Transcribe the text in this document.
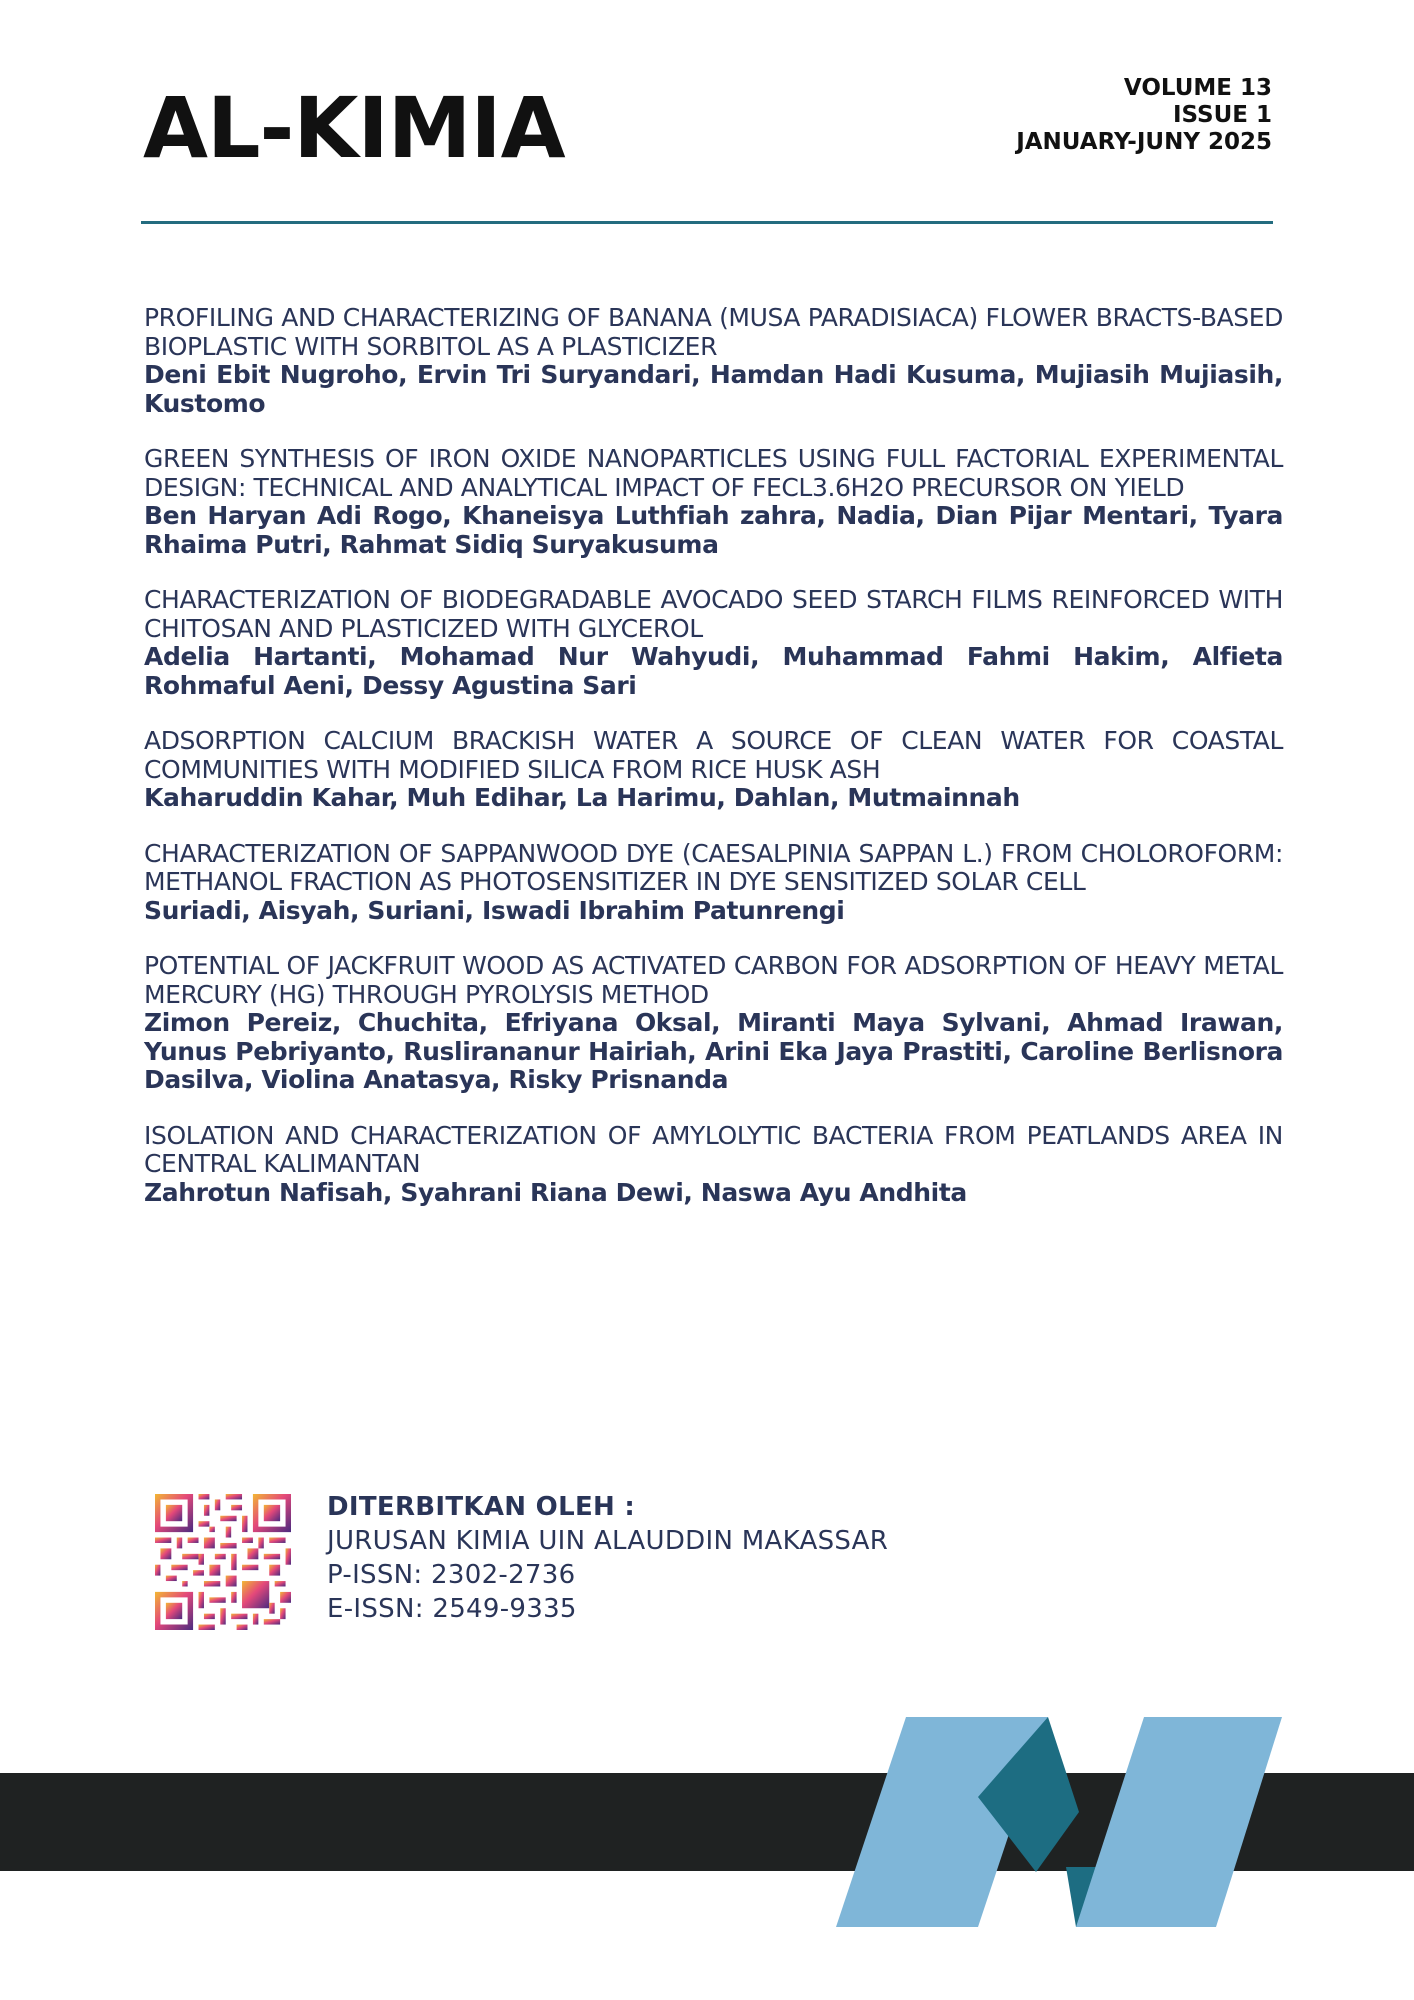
AL-KIMIA	VOLUME 13
ISSUE 1
JANUARY-JUNY 2025
PROFILING AND CHARACTERIZING OF BANANA (MUSA PARADISIACA) FLOWER BRACTS-BASED BIOPLASTIC WITH SORBITOL AS A PLASTICIZER
Deni Ebit Nugroho, Ervin Tri Suryandari, Hamdan Hadi Kusuma, Mujiasih Mujiasih, Kustomo
GREEN SYNTHESIS OF IRON OXIDE NANOPARTICLES USING FULL FACTORIAL EXPERIMENTAL DESIGN: TECHNICAL AND ANALYTICAL IMPACT OF FECL3.6H2O PRECURSOR ON YIELD
Ben Haryan Adi Rogo, Khaneisya Luthfiah zahra, Nadia, Dian Pijar Mentari, Tyara Rhaima Putri, Rahmat Sidiq Suryakusuma
CHARACTERIZATION OF BIODEGRADABLE AVOCADO SEED STARCH FILMS REINFORCED WITH CHITOSAN AND PLASTICIZED WITH GLYCEROL
Adelia Hartanti, Mohamad Nur Wahyudi, Muhammad Fahmi Hakim, Alfieta Rohmaful Aeni, Dessy Agustina Sari
ADSORPTION CALCIUM BRACKISH WATER A SOURCE OF CLEAN WATER FOR COASTAL COMMUNITIES WITH MODIFIED SILICA FROM RICE HUSK ASH
Kaharuddin Kahar, Muh Edihar, La Harimu, Dahlan, Mutmainnah
CHARACTERIZATION OF SAPPANWOOD DYE (CAESALPINIA SAPPAN L.) FROM CHOLOROFORM: METHANOL FRACTION AS PHOTOSENSITIZER IN DYE SENSITIZED SOLAR CELL
Suriadi, Aisyah, Suriani, Iswadi Ibrahim Patunrengi
POTENTIAL OF JACKFRUIT WOOD AS ACTIVATED CARBON FOR ADSORPTION OF HEAVY METAL MERCURY (HG) THROUGH PYROLYSIS METHOD
Zimon Pereiz, Chuchita, Efriyana Oksal, Miranti Maya Sylvani, Ahmad Irawan, Yunus Pebriyanto, Ruslirananur Hairiah, Arini Eka Jaya Prastiti, Caroline Berlisnora Dasilva, Violina Anatasya, Risky Prisnanda
ISOLATION AND CHARACTERIZATION OF AMYLOLYTIC BACTERIA FROM PEATLANDS AREA IN CENTRAL KALIMANTAN
Zahrotun Nafisah, Syahrani Riana Dewi, Naswa Ayu Andhita
DITERBITKAN OLEH :
JURUSAN KIMIA UIN ALAUDDIN MAKASSAR
P-ISSN: 2302-2736
E-ISSN: 2549-9335
